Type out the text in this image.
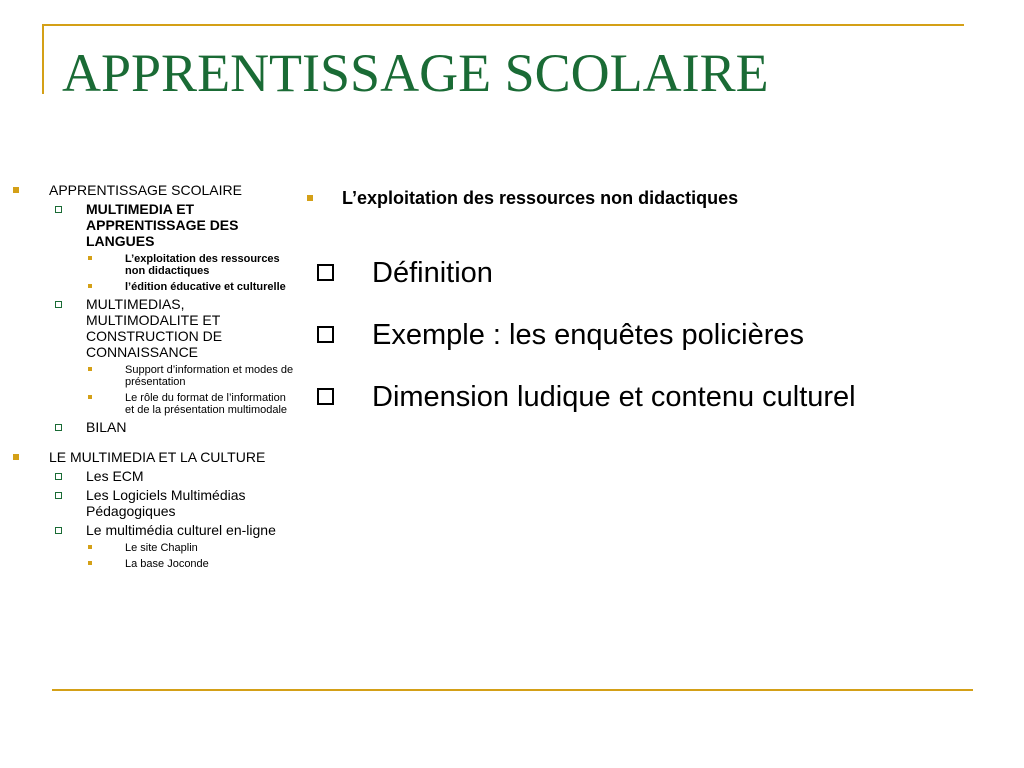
APPRENTISSAGE SCOLAIRE
APPRENTISSAGE SCOLAIRE
MULTIMEDIA ET APPRENTISSAGE DES LANGUES
L’exploitation des ressources non didactiques
l’édition éducative et culturelle
MULTIMEDIAS, MULTIMODALITE ET CONSTRUCTION DE CONNAISSANCE
Support d’information et modes de présentation
Le rôle du format de l’information et de la présentation multimodale
BILAN
LE MULTIMEDIA ET LA CULTURE
Les ECM
Les Logiciels Multimédias Pédagogiques
Le multimédia culturel en-ligne
Le site Chaplin
La base Joconde
L’exploitation des ressources non didactiques
Définition
Exemple : les enquêtes policières
Dimension ludique et contenu culturel
